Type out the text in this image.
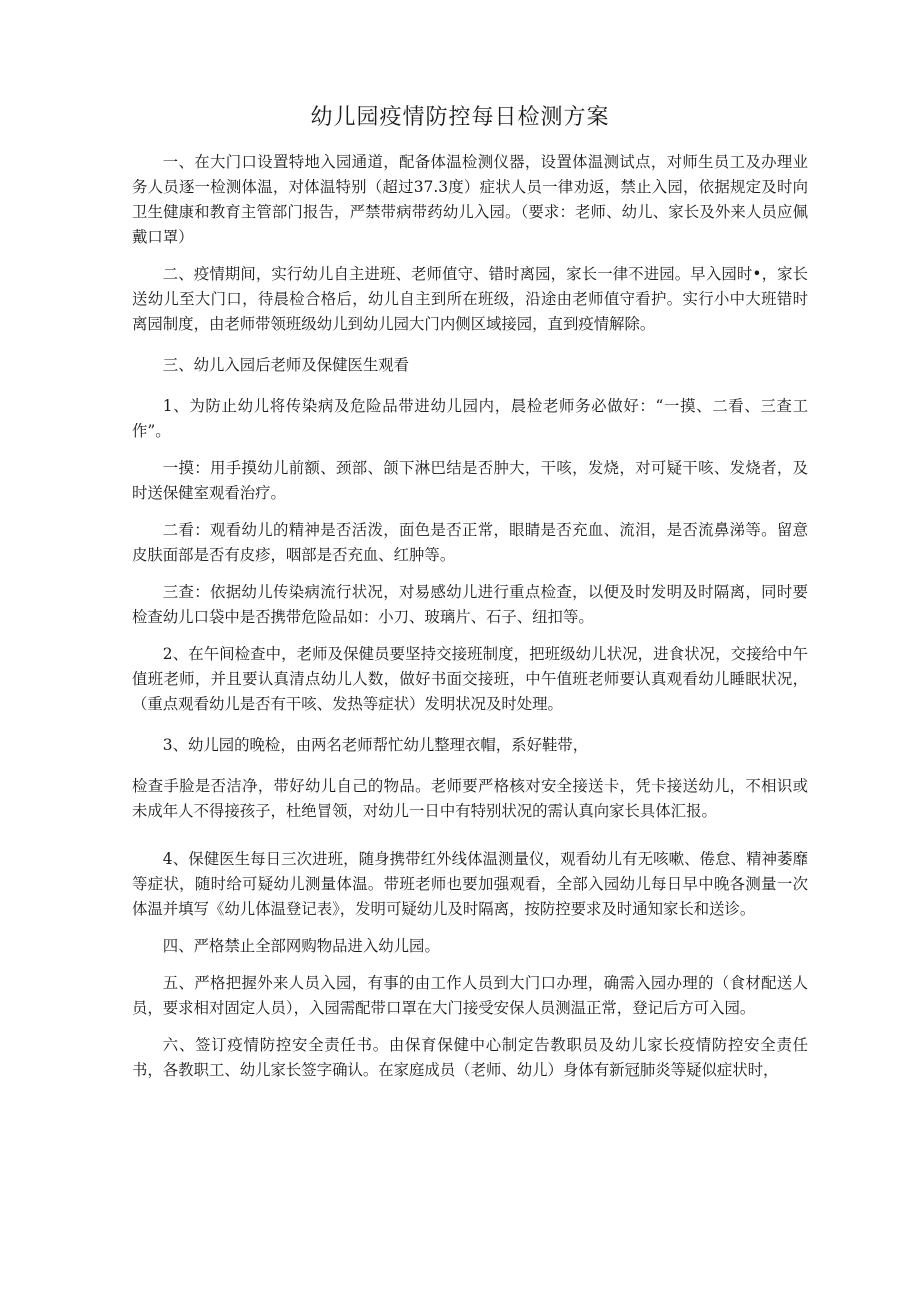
幼儿园疫情防控每日检测方案

一、在大门口设置特地入园通道，配备体温检测仪器，设置体温测试点，对师生员工及办理业务人员逐一检测体温，对体温特别（超过37.3度）症状人员一律劝返，禁止入园，依据规定及时向卫生健康和教育主管部门报告，严禁带病带药幼儿入园。（要求：老师、幼儿、家长及外来人员应佩戴口罩）

二、疫情期间，实行幼儿自主进班、老师值守、错时离园，家长一律不进园。早入园时•，家长送幼儿至大门口，待晨检合格后，幼儿自主到所在班级，沿途由老师值守看护。实行小中大班错时离园制度，由老师带领班级幼儿到幼儿园大门内侧区域接园，直到疫情解除。

三、幼儿入园后老师及保健医生观看

1、为防止幼儿将传染病及危险品带进幼儿园内，晨检老师务必做好：“一摸、二看、三查工作”。

一摸：用手摸幼儿前额、颈部、颌下淋巴结是否肿大，干咳，发烧，对可疑干咳、发烧者，及时送保健室观看治疗。

二看：观看幼儿的精神是否活泼，面色是否正常，眼睛是否充血、流泪，是否流鼻涕等。留意皮肤面部是否有皮疹，咽部是否充血、红肿等。

三查：依据幼儿传染病流行状况，对易感幼儿进行重点检查，以便及时发明及时隔离，同时要检查幼儿口袋中是否携带危险品如：小刀、玻璃片、石子、纽扣等。

2、在午间检查中，老师及保健员要坚持交接班制度，把班级幼儿状况，进食状况，交接给中午值班老师，并且要认真清点幼儿人数，做好书面交接班，中午值班老师要认真观看幼儿睡眠状况，（重点观看幼儿是否有干咳、发热等症状）发明状况及时处理。

3、幼儿园的晚检，由两名老师帮忙幼儿整理衣帽，系好鞋带，

检查手脸是否洁净，带好幼儿自己的物品。老师要严格核对安全接送卡，凭卡接送幼儿，不相识或未成年人不得接孩子，杜绝冒领，对幼儿一日中有特别状况的需认真向家长具体汇报。

4、保健医生每日三次进班，随身携带红外线体温测量仪，观看幼儿有无咳嗽、倦怠、精神萎靡等症状，随时给可疑幼儿测量体温。带班老师也要加强观看，全部入园幼儿每日早中晚各测量一次体温并填写《幼儿体温登记表》，发明可疑幼儿及时隔离，按防控要求及时通知家长和送诊。

四、严格禁止全部网购物品进入幼儿园。

五、严格把握外来人员入园，有事的由工作人员到大门口办理，确需入园办理的（食材配送人员，要求相对固定人员），入园需配带口罩在大门接受安保人员测温正常，登记后方可入园。

六、签订疫情防控安全责任书。由保育保健中心制定告教职员及幼儿家长疫情防控安全责任书，各教职工、幼儿家长签字确认。在家庭成员（老师、幼儿）身体有新冠肺炎等疑似症状时，
